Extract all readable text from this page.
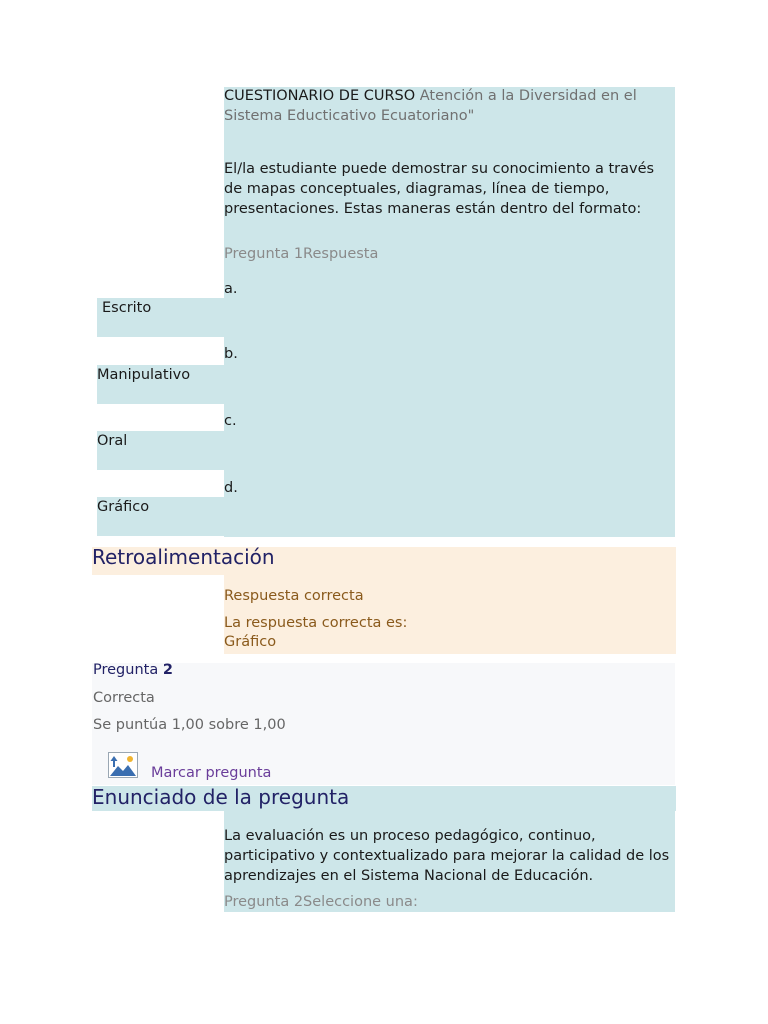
CUESTIONARIO DE CURSO Atención a la Diversidad en el Sistema Educticativo Ecuatoriano"

El/la estudiante puede demostrar su conocimiento a través de mapas conceptuales, diagramas, línea de tiempo, presentaciones. Estas maneras están dentro del formato:

Pregunta 1Respuesta

a.
Escrito
b.
Manipulativo
c.
Oral
d.
Gráfico
Retroalimentación

Respuesta correcta

La respuesta correcta es:

Gráfico

Pregunta 2

Correcta

Se puntúa 1,00 sobre 1,00

Marcar pregunta
Enunciado de la pregunta

La evaluación es un proceso pedagógico, continuo, participativo y contextualizado para mejorar la calidad de los aprendizajes en el Sistema Nacional de Educación.

Pregunta 2Seleccione una:
